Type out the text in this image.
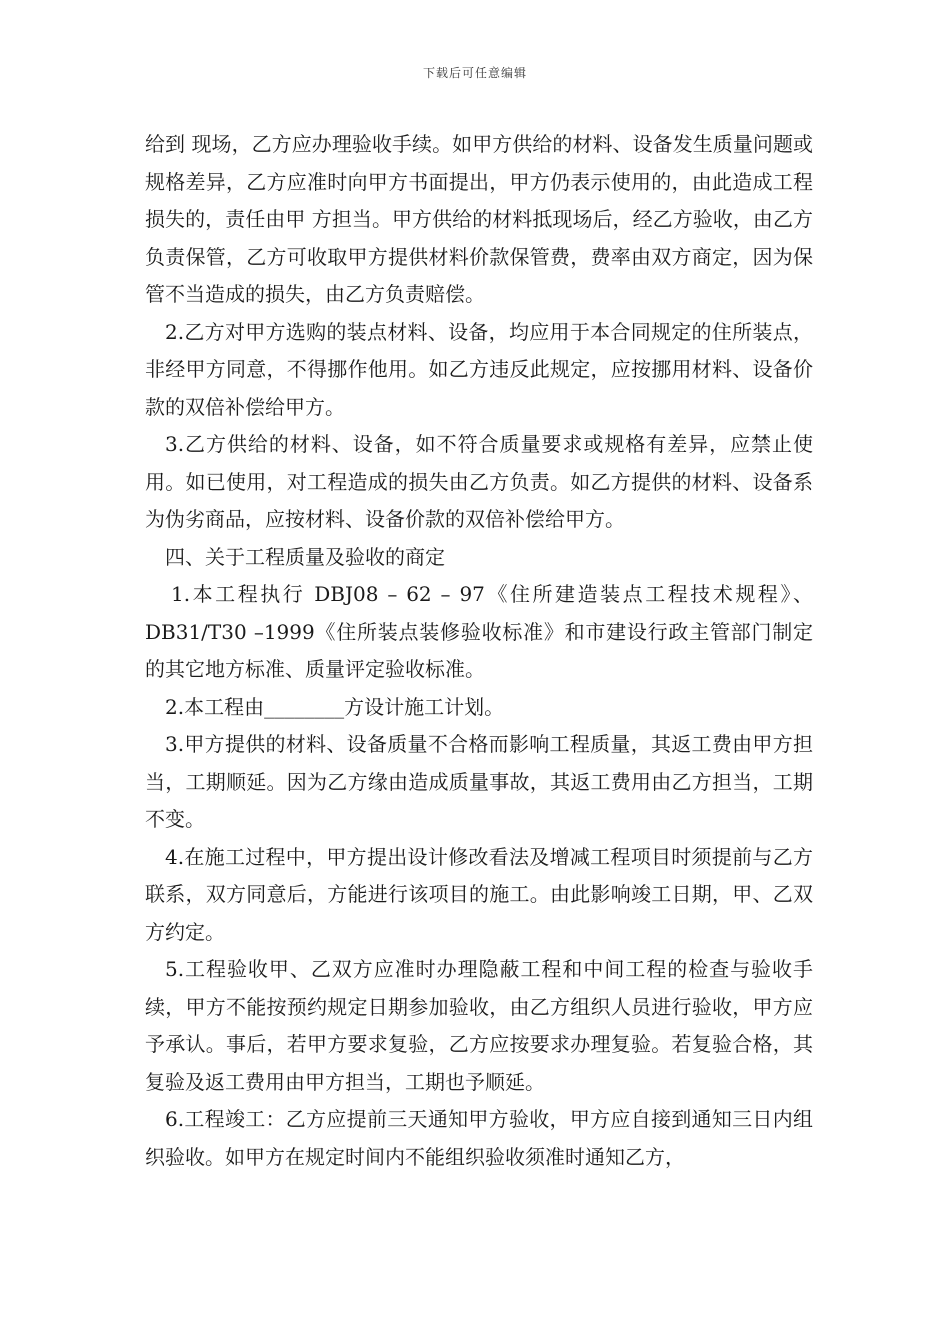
下载后可任意编辑

给到 现场，乙方应办理验收手续。如甲方供给的材料、设备发生质量问题或规格差异，乙方应准时向甲方书面提出，甲方仍表示使用的，由此造成工程损失的，责任由甲 方担当。甲方供给的材料抵现场后，经乙方验收，由乙方负责保管，乙方可收取甲方提供材料价款保管费，费率由双方商定，因为保管不当造成的损失，由乙方负责赔偿。

2.乙方对甲方选购的装点材料、设备，均应用于本合同规定的住所装点，非经甲方同意，不得挪作他用。如乙方违反此规定，应按挪用材料、设备价款的双倍补偿给甲方。

3.乙方供给的材料、设备，如不符合质量要求或规格有差异，应禁止使用。如已使用，对工程造成的损失由乙方负责。如乙方提供的材料、设备系为伪劣商品，应按材料、设备价款的双倍补偿给甲方。

四、关于工程质量及验收的商定

1.本工程执行 DBJ08 – 62 – 97《住所建造装点工程技术规程》、DB31/T30 –1999《住所装点装修验收标准》和市建设行政主管部门制定的其它地方标准、质量评定验收标准。

2.本工程由________方设计施工计划。

3.甲方提供的材料、设备质量不合格而影响工程质量，其返工费由甲方担当，工期顺延。因为乙方缘由造成质量事故，其返工费用由乙方担当，工期不变。

4.在施工过程中，甲方提出设计修改看法及增减工程项目时须提前与乙方联系，双方同意后，方能进行该项目的施工。由此影响竣工日期，甲、乙双方约定。

5.工程验收甲、乙双方应准时办理隐蔽工程和中间工程的检查与验收手续，甲方不能按预约规定日期参加验收，由乙方组织人员进行验收，甲方应予承认。事后，若甲方要求复验，乙方应按要求办理复验。若复验合格，其复验及返工费用由甲方担当，工期也予顺延。

6.工程竣工：乙方应提前三天通知甲方验收，甲方应自接到通知三日内组织验收。如甲方在规定时间内不能组织验收须准时通知乙方，
